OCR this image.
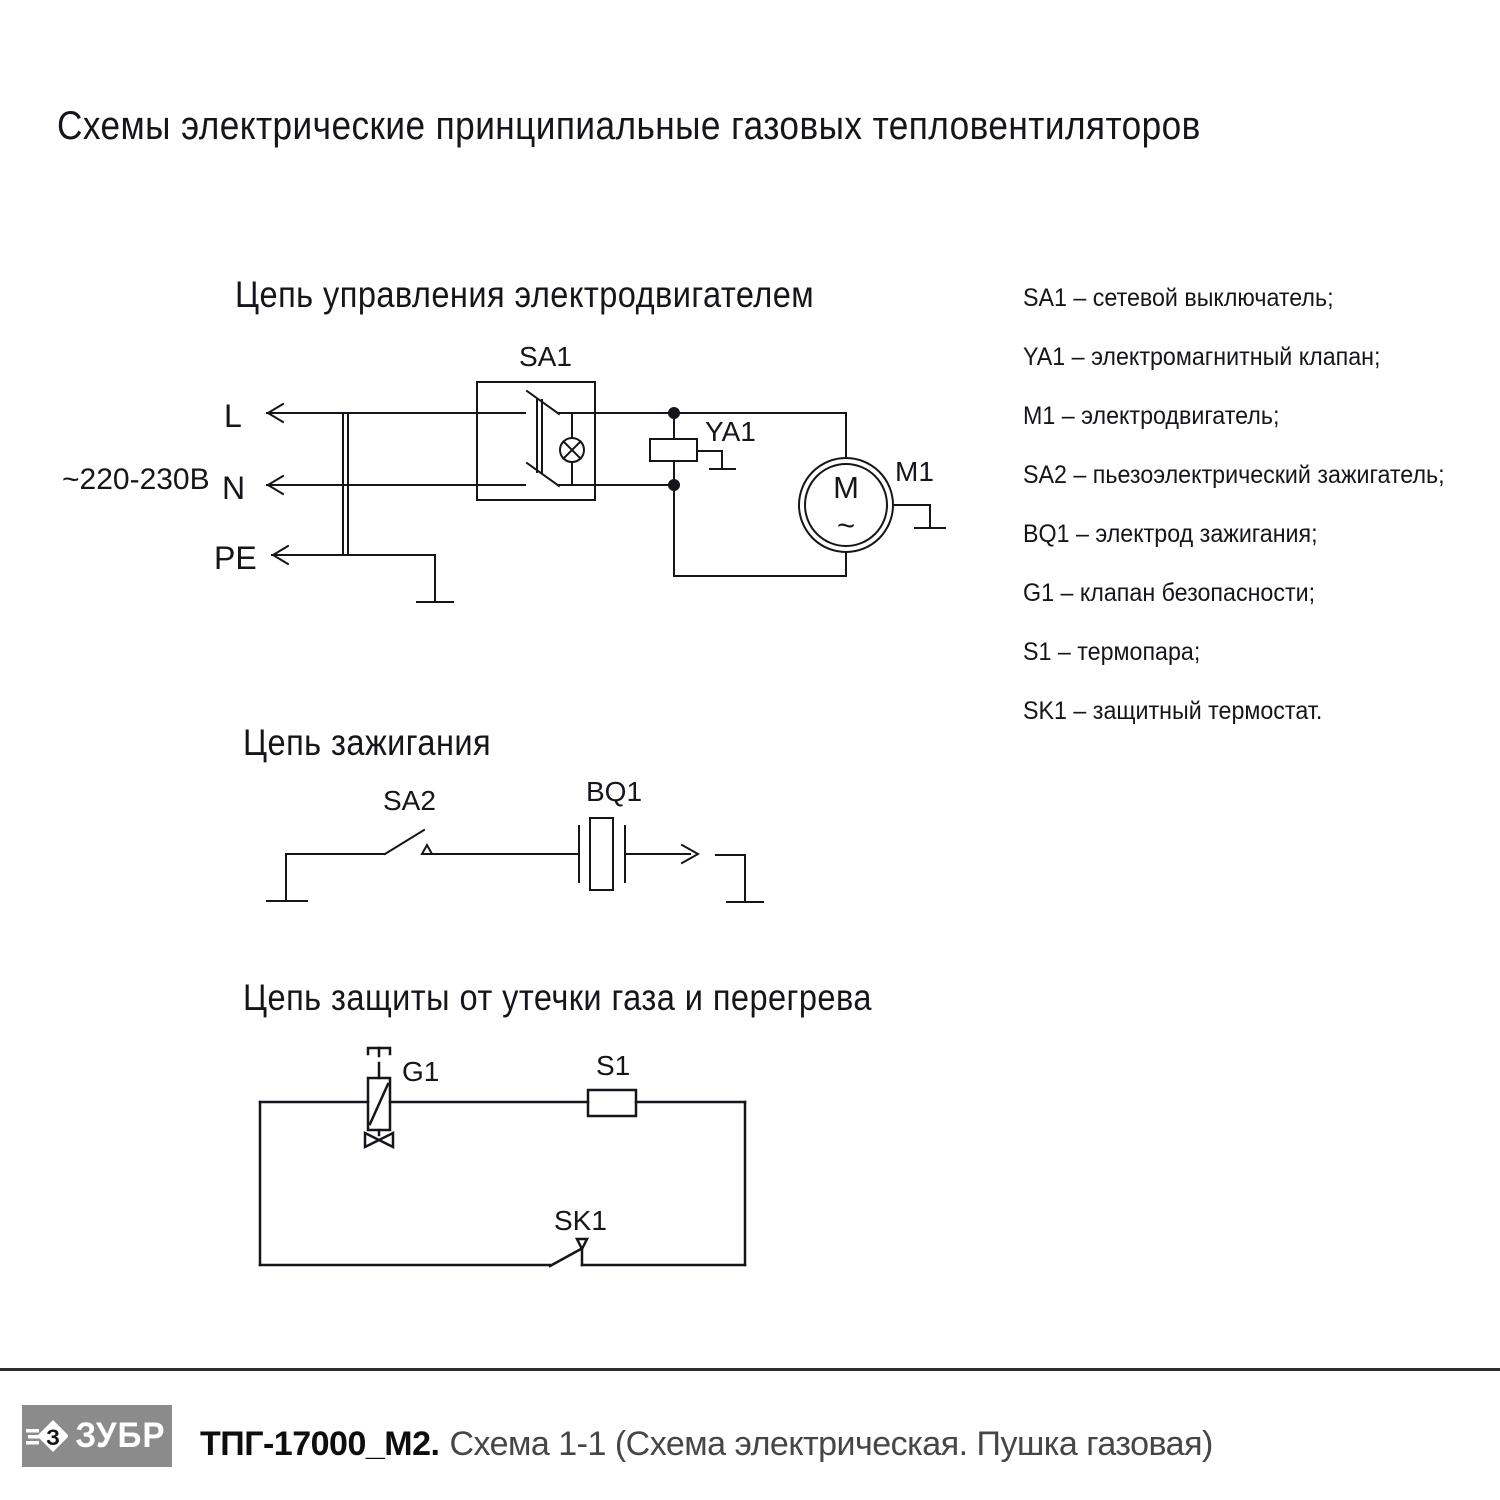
Схемы электрические принципиальные газовых тепловентиляторов
Цепь управления электродвигателем
Цепь зажигания
Цепь защиты от утечки газа и перегрева
SA1 – сетевой выключатель;
YA1 – электромагнитный клапан;
M1 – электродвигатель;
SA2 – пьезоэлектрический зажигатель;
BQ1 – электрод зажигания;
G1 – клапан безопасности;
S1 – термопара;
SK1 – защитный термостат.
~220-230В
L
N
PE
SA1
YA1
M1
M
~
SA2	BQ1
G1	S1
SK1
З ЗУБР ТПГ-17000_М2. Схема 1-1 (Схема электрическая. Пушка газовая)
